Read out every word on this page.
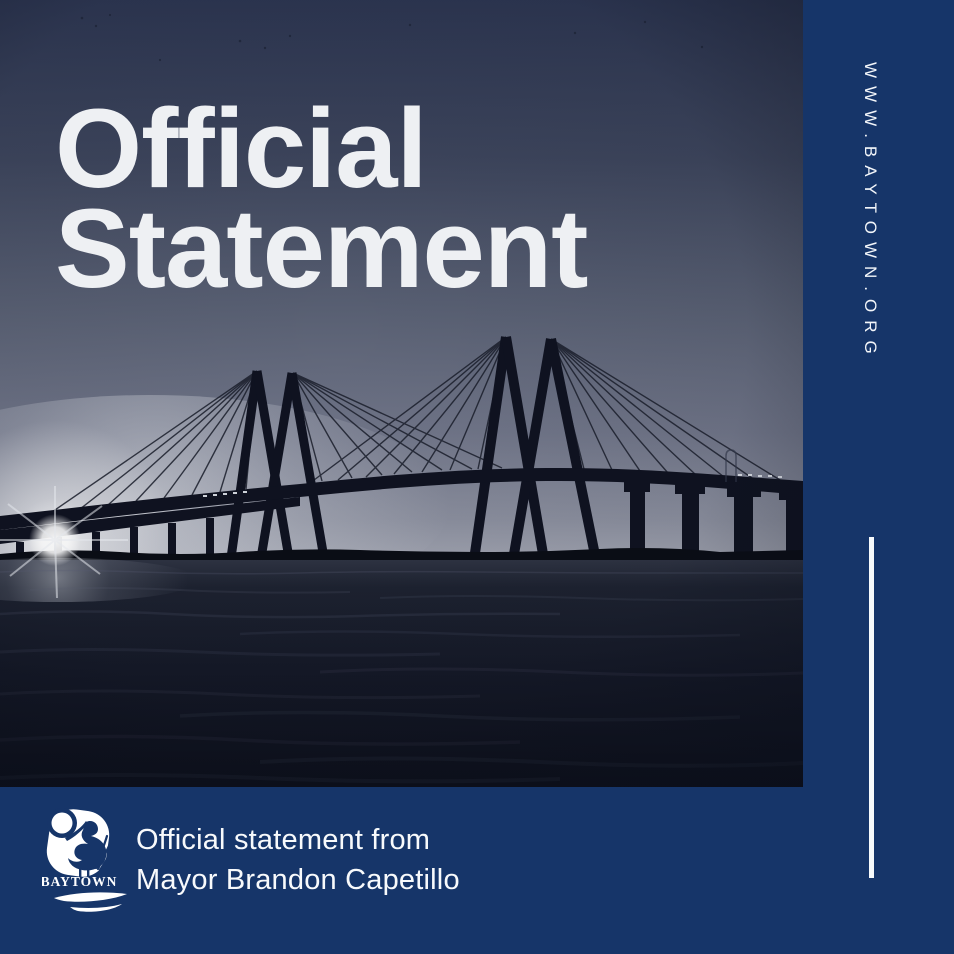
Official
Statement	WWW.BAYTOWN.ORG
BAYTOWN
Official statement from
Mayor Brandon Capetillo
